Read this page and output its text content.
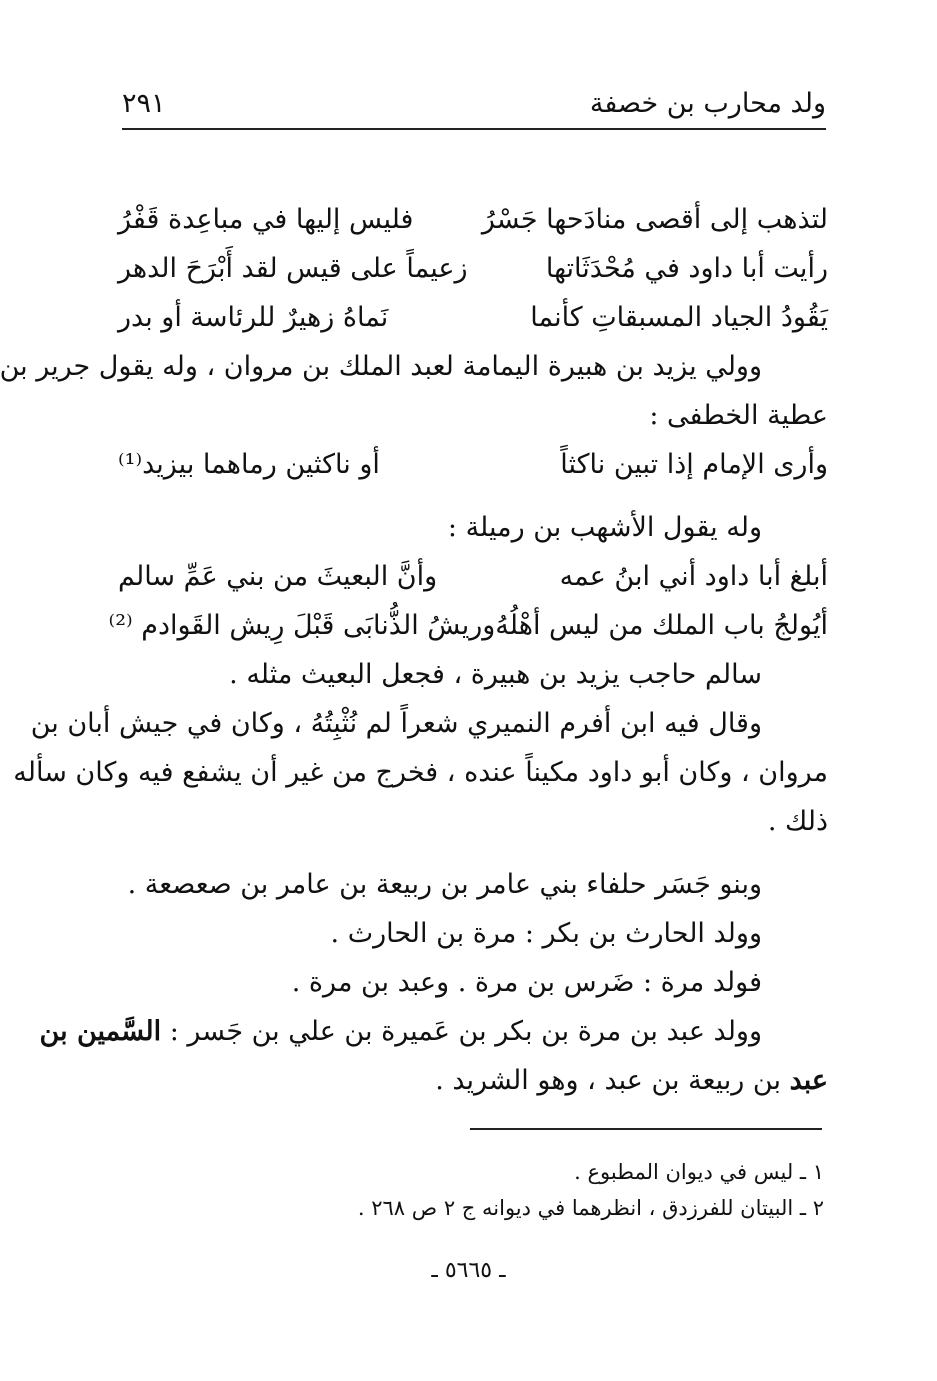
ولد محارب بن خصفة
٢٩١
لتذهب إلى أقصى منادَحها جَسْرُ
فليس إليها في مباعِدة قَفْرُ
رأيت أبا داود في مُحْدَثَاتها
زعيماً على قيس لقد أَبْرَحَ الدهر
يَقُودُ الجياد المسبقاتِ كأنما
نَماهُ زهيرٌ للرئاسة أو بدر
وولي يزيد بن هبيرة اليمامة لعبد الملك بن مروان ، وله يقول جرير بن
عطية الخطفى :
وأرى الإمام إذا تبين ناكثاً
أو ناكثين رماهما بيزيد⁽¹⁾
وله يقول الأشهب بن رميلة :
أبلغ أبا داود أني ابنُ عمه
وأنَّ البعيثَ من بني عَمِّ سالم
أيُولجُ باب الملك من ليس أهْلُهُ
وريشُ الذُّنابَى قَبْلَ رِيش القَوادم ⁽²⁾
سالم حاجب يزيد بن هبيرة ، فجعل البعيث مثله .
وقال فيه ابن أفرم النميري شعراً لم نُثْبِتُهُ ، وكان في جيش أبان بن
مروان ، وكان أبو داود مكيناً عنده ، فخرج من غير أن يشفع فيه وكان سأله
ذلك .
وبنو جَسَر حلفاء بني عامر بن ربيعة بن عامر بن صعصعة .
وولد الحارث بن بكر : مرة بن الحارث .
فولد مرة : ضَرس بن مرة . وعبد بن مرة .
وولد عبد بن مرة بن بكر بن عَميرة بن علي بن جَسر : السَّمين بن
عبد بن ربيعة بن عبد ، وهو الشريد .
١ ـ ليس في ديوان المطبوع .
٢ ـ البيتان للفرزدق ، انظرهما في ديوانه ج ٢ ص ٢٦٨ .
ـ ٥٦٦٥ ـ
